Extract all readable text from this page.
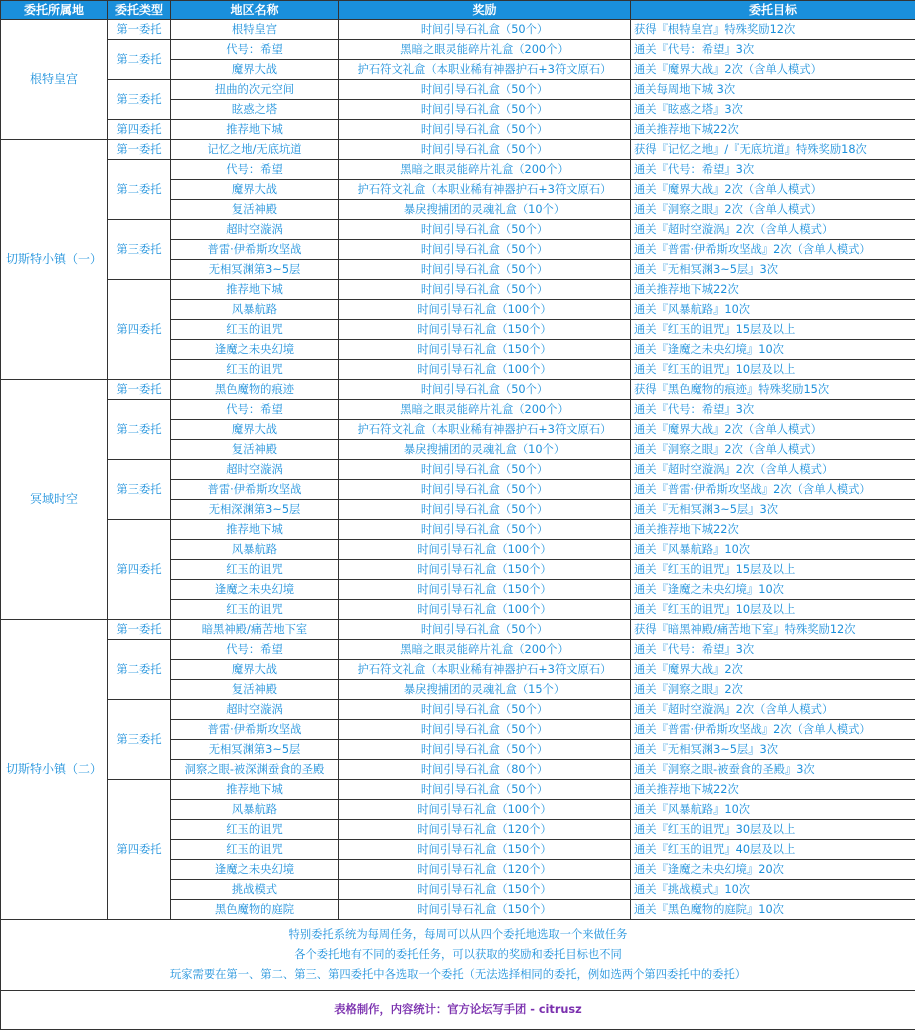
委托所属地	委托类型	地区名称	奖励	委托目标
根特皇宫	第一委托	根特皇宫	时间引导石礼盒（50个）	获得『根特皇宫』特殊奖励12次
	第二委托	代号：希望	黑暗之眼灵能碎片礼盒（200个）	通关『代号：希望』3次
		魔界大战	护石符文礼盒（本职业稀有神器护石+3符文原石）	通关『魔界大战』2次（含单人模式）
	第三委托	扭曲的次元空间	时间引导石礼盒（50个）	通关每周地下城 3次
		眩惑之塔	时间引导石礼盒（50个）	通关『眩惑之塔』3次
	第四委托	推荐地下城	时间引导石礼盒（50个）	通关推荐地下城22次
切斯特小镇（一）	第一委托	记忆之地/无底坑道	时间引导石礼盒（50个）	获得『记忆之地』/『无底坑道』特殊奖励18次
	第二委托	代号：希望	黑暗之眼灵能碎片礼盒（200个）	通关『代号：希望』3次
		魔界大战	护石符文礼盒（本职业稀有神器护石+3符文原石）	通关『魔界大战』2次（含单人模式）
		复活神殿	暴戾搜捕团的灵魂礼盒（10个）	通关『洞察之眼』2次（含单人模式）
	第三委托	超时空漩涡	时间引导石礼盒（50个）	通关『超时空漩涡』2次（含单人模式）
		普雷·伊希斯攻坚战	时间引导石礼盒（50个）	通关『普雷·伊希斯攻坚战』2次（含单人模式）
		无相冥渊第3~5层	时间引导石礼盒（50个）	通关『无相冥渊3~5层』3次
	第四委托	推荐地下城	时间引导石礼盒（50个）	通关推荐地下城22次
		风暴航路	时间引导石礼盒（100个）	通关『风暴航路』10次
		红玉的诅咒	时间引导石礼盒（150个）	通关『红玉的诅咒』15层及以上
		逢魔之未央幻境	时间引导石礼盒（150个）	通关『逢魔之未央幻境』10次
		红玉的诅咒	时间引导石礼盒（100个）	通关『红玉的诅咒』10层及以上
冥域时空	第一委托	黑色魔物的痕迹	时间引导石礼盒（50个）	获得『黑色魔物的痕迹』特殊奖励15次
	第二委托	代号：希望	黑暗之眼灵能碎片礼盒（200个）	通关『代号：希望』3次
		魔界大战	护石符文礼盒（本职业稀有神器护石+3符文原石）	通关『魔界大战』2次（含单人模式）
		复活神殿	暴戾搜捕团的灵魂礼盒（10个）	通关『洞察之眼』2次（含单人模式）
	第三委托	超时空漩涡	时间引导石礼盒（50个）	通关『超时空漩涡』2次（含单人模式）
		普雷·伊希斯攻坚战	时间引导石礼盒（50个）	通关『普雷·伊希斯攻坚战』2次（含单人模式）
		无相深渊第3~5层	时间引导石礼盒（50个）	通关『无相冥渊3~5层』3次
	第四委托	推荐地下城	时间引导石礼盒（50个）	通关推荐地下城22次
		风暴航路	时间引导石礼盒（100个）	通关『风暴航路』10次
		红玉的诅咒	时间引导石礼盒（150个）	通关『红玉的诅咒』15层及以上
		逢魔之未央幻境	时间引导石礼盒（150个）	通关『逢魔之未央幻境』10次
		红玉的诅咒	时间引导石礼盒（100个）	通关『红玉的诅咒』10层及以上
切斯特小镇（二）	第一委托	暗黑神殿/痛苦地下室	时间引导石礼盒（50个）	获得『暗黑神殿/痛苦地下室』特殊奖励12次
	第二委托	代号：希望	黑暗之眼灵能碎片礼盒（200个）	通关『代号：希望』3次
		魔界大战	护石符文礼盒（本职业稀有神器护石+3符文原石）	通关『魔界大战』2次
		复活神殿	暴戾搜捕团的灵魂礼盒（15个）	通关『洞察之眼』2次
	第三委托	超时空漩涡	时间引导石礼盒（50个）	通关『超时空漩涡』2次（含单人模式）
		普雷·伊希斯攻坚战	时间引导石礼盒（50个）	通关『普雷·伊希斯攻坚战』2次（含单人模式）
		无相冥渊第3~5层	时间引导石礼盒（50个）	通关『无相冥渊3~5层』3次
		洞察之眼-被深渊蚕食的圣殿	时间引导石礼盒（80个）	通关『洞察之眼-被蚕食的圣殿』3次
	第四委托	推荐地下城	时间引导石礼盒（50个）	通关推荐地下城22次
		风暴航路	时间引导石礼盒（100个）	通关『风暴航路』10次
		红玉的诅咒	时间引导石礼盒（120个）	通关『红玉的诅咒』30层及以上
		红玉的诅咒	时间引导石礼盒（150个）	通关『红玉的诅咒』40层及以上
		逢魔之未央幻境	时间引导石礼盒（120个）	通关『逢魔之未央幻境』20次
		挑战模式	时间引导石礼盒（150个）	通关『挑战模式』10次
		黑色魔物的庭院	时间引导石礼盒（150个）	通关『黑色魔物的庭院』10次

特别委托系统为每周任务，每周可以从四个委托地选取一个来做任务
各个委托地有不同的委托任务，可以获取的奖励和委托目标也不同
玩家需要在第一、第二、第三、第四委托中各选取一个委托（无法选择相同的委托，例如选两个第四委托中的委托）				

表格制作，内容统计：官方论坛写手团 - citrusz				
